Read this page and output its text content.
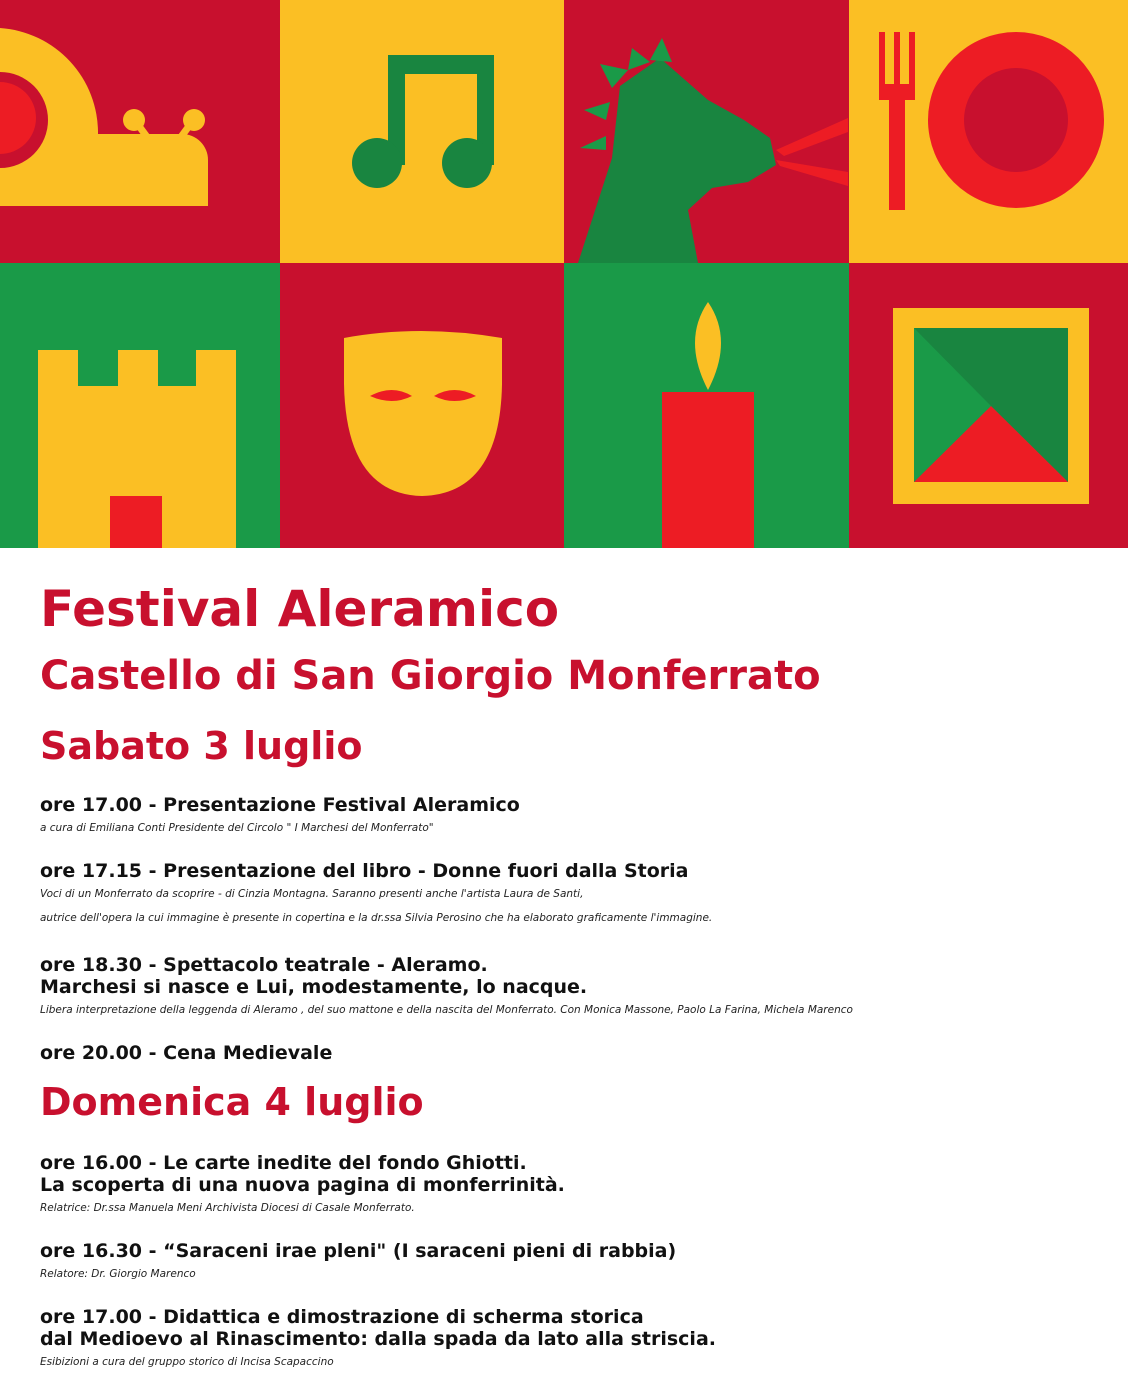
Festival Aleramico
Castello di San Giorgio Monferrato
Sabato 3 luglio
ore 17.00 - Presentazione Festival Aleramico
a cura di Emiliana Conti Presidente del Circolo " I Marchesi del Monferrato"
ore 17.15 - Presentazione del libro - Donne fuori dalla Storia
Voci di un Monferrato da scoprire - di Cinzia Montagna. Saranno presenti anche l'artista Laura de Santi,
autrice dell'opera la cui immagine è presente in copertina e la dr.ssa Silvia Perosino che ha elaborato graficamente l'immagine.
ore 18.30 - Spettacolo teatrale - Aleramo.
Marchesi si nasce e Lui, modestamente, lo nacque.
Libera interpretazione della leggenda di Aleramo , del suo mattone e della nascita del Monferrato. Con Monica Massone, Paolo La Farina, Michela Marenco
ore 20.00 - Cena Medievale
Domenica 4 luglio
ore 16.00 - Le carte inedite del fondo Ghiotti.
La scoperta di una nuova pagina di monferrinità.
Relatrice: Dr.ssa Manuela Meni Archivista Diocesi di Casale Monferrato.
ore 16.30 - “Saraceni irae pleni" (I saraceni pieni di rabbia)
Relatore: Dr. Giorgio Marenco
ore 17.00 - Didattica e dimostrazione di scherma storica
dal Medioevo al Rinascimento: dalla spada da lato alla striscia.
Esibizioni a cura del gruppo storico di Incisa Scapaccino
